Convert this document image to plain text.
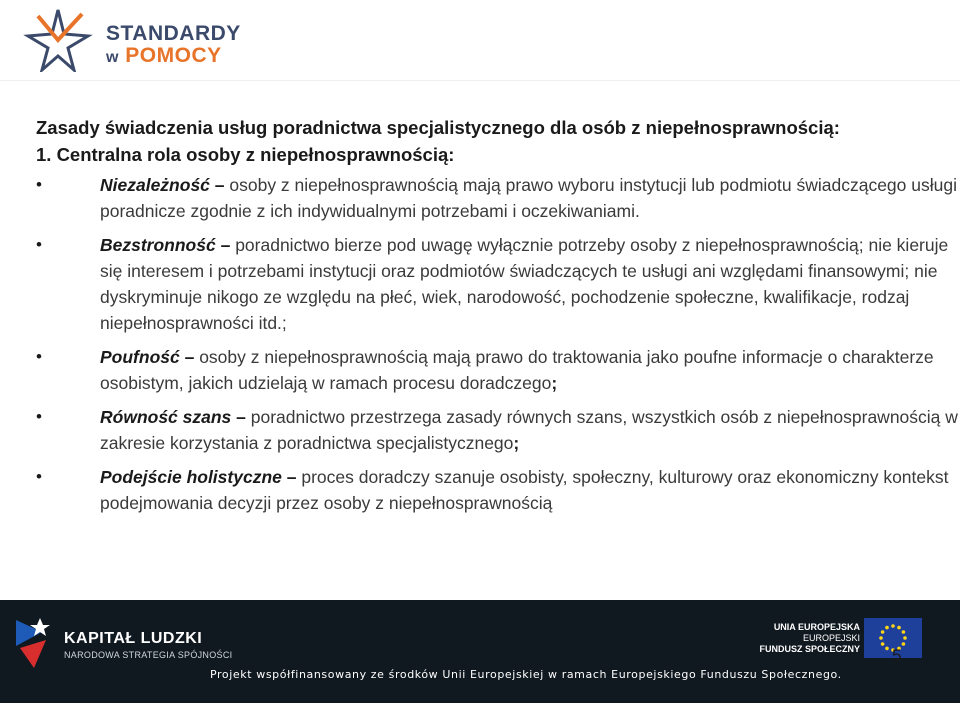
STANDARDY
w POMOCY

Zasady świadczenia usług poradnictwa specjalistycznego dla osób z niepełnosprawnością:

1. Centralna rola osoby z niepełnosprawnością:

•	Niezależność – osoby z niepełnosprawnością mają prawo wyboru instytucji lub podmiotu świadczącego usługi poradnicze zgodnie z ich indywidualnymi potrzebami i oczekiwaniami.
•	Bezstronność – poradnictwo bierze pod uwagę wyłącznie potrzeby osoby z niepełnosprawnością; nie kieruje się interesem i potrzebami instytucji oraz podmiotów świadczących te usługi ani względami finansowymi; nie dyskryminuje nikogo ze względu na płeć, wiek, narodowość, pochodzenie społeczne, kwalifikacje, rodzaj niepełnosprawności itd.;
•	Poufność – osoby z niepełnosprawnością mają prawo do traktowania jako poufne informacje o charakterze osobistym, jakich udzielają w ramach procesu doradczego;
•	Równość szans – poradnictwo przestrzega zasady równych szans, wszystkich osób z niepełnosprawnością w zakresie korzystania z poradnictwa specjalistycznego;
•	Podejście holistyczne – proces doradczy szanuje osobisty, społeczny, kulturowy oraz ekonomiczny kontekst podejmowania decyzji przez osoby z niepełnosprawnością
KAPITAŁ LUDZKI
NARODOWA STRATEGIA SPÓJNOŚCI
UNIA EUROPEJSKA
EUROPEJSKI
FUNDUSZ SPOŁECZNY
Projekt współfinansowany ze środków Unii Europejskiej w ramach Europejskiego Funduszu Społecznego.
5
